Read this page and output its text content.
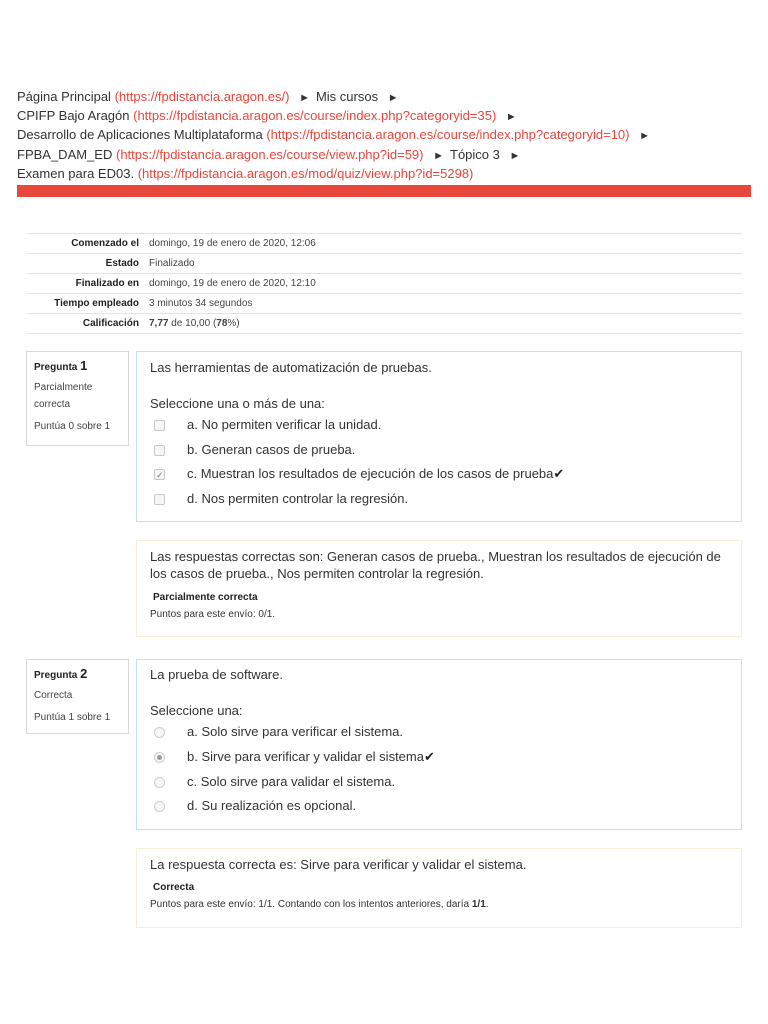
Página Principal (https://fpdistancia.aragon.es/) ► Mis cursos ►
CPIFP Bajo Aragón (https://fpdistancia.aragon.es/course/index.php?categoryid=35) ►
Desarrollo de Aplicaciones Multiplataforma (https://fpdistancia.aragon.es/course/index.php?categoryid=10) ►
FPBA_DAM_ED (https://fpdistancia.aragon.es/course/view.php?id=59) ► Tópico 3 ►
Examen para ED03. (https://fpdistancia.aragon.es/mod/quiz/view.php?id=5298)
Comenzado el	domingo, 19 de enero de 2020, 12:06
Estado	Finalizado
Finalizado en	domingo, 19 de enero de 2020, 12:10
Tiempo empleado	3 minutos 34 segundos
Calificación	7,77 de 10,00 (78%)
Pregunta 1
Parcialmente correcta
Puntúa 0 sobre 1
Las herramientas de automatización de pruebas.
Seleccione una o más de una:
a. No permiten verificar la unidad.
b. Generan casos de prueba.
✓
c. Muestran los resultados de ejecución de los casos de prueba✔
d. Nos permiten controlar la regresión.
Las respuestas correctas son: Generan casos de prueba., Muestran los resultados de ejecución de los casos de prueba., Nos permiten controlar la regresión.
Parcialmente correcta
Puntos para este envío: 0/1.
Pregunta 2
Correcta
Puntúa 1 sobre 1
La prueba de software.
Seleccione una:
a. Solo sirve para verificar el sistema.
b. Sirve para verificar y validar el sistema✔
c. Solo sirve para validar el sistema.
d. Su realización es opcional.
La respuesta correcta es: Sirve para verificar y validar el sistema.
Correcta
Puntos para este envío: 1/1. Contando con los intentos anteriores, daría 1/1.
